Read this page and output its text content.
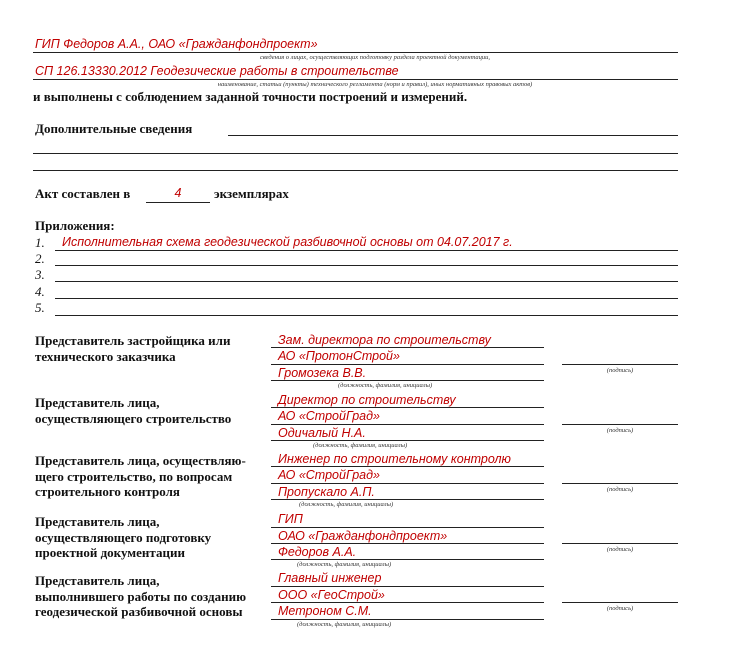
ГИП Федоров А.А., ОАО «Гражданфондпроект»
сведения о лицах, осуществляющих подготовку раздела проектной документации,
СП 126.13330.2012 Геодезические работы в строительстве
наименование, статьи (пункты) технического регламента (норм и правил), иных нормативных правовых актов)
и выполнены с соблюдением заданной точности построений и измерений.
Дополнительные сведения
Акт составлен в	4	экземплярах
Приложения:
1. Исполнительная схема геодезической разбивочной основы от 04.07.2017 г.
2.
3.
4.
5.
Представитель застройщика или
технического заказчика
Зам. директора по строительству
АО «ПротонСтрой»
Громозека В.В.
(должность, фамилия, инициалы)
(подпись)
Представитель лица,
осуществляющего строительство
Директор по строительству
АО «СтройГрад»
Одичалый Н.А.
(должность, фамилия, инициалы)
(подпись)
Представитель лица, осуществляю-
щего строительство, по вопросам
строительного контроля
Инженер по строительному контролю
АО «СтройГрад»
Пропускало А.П.
(должность, фамилия, инициалы)
(подпись)
Представитель лица,
осуществляющего подготовку
проектной документации
ГИП
ОАО «Гражданфондпроект»
Федоров А.А.
(должность, фамилия, инициалы)
(подпись)
Представитель лица,
выполнившего работы по созданию
геодезической разбивочной основы
Главный инженер
ООО «ГеоСтрой»
Метроном С.М.
(должность, фамилия, инициалы)
(подпись)
